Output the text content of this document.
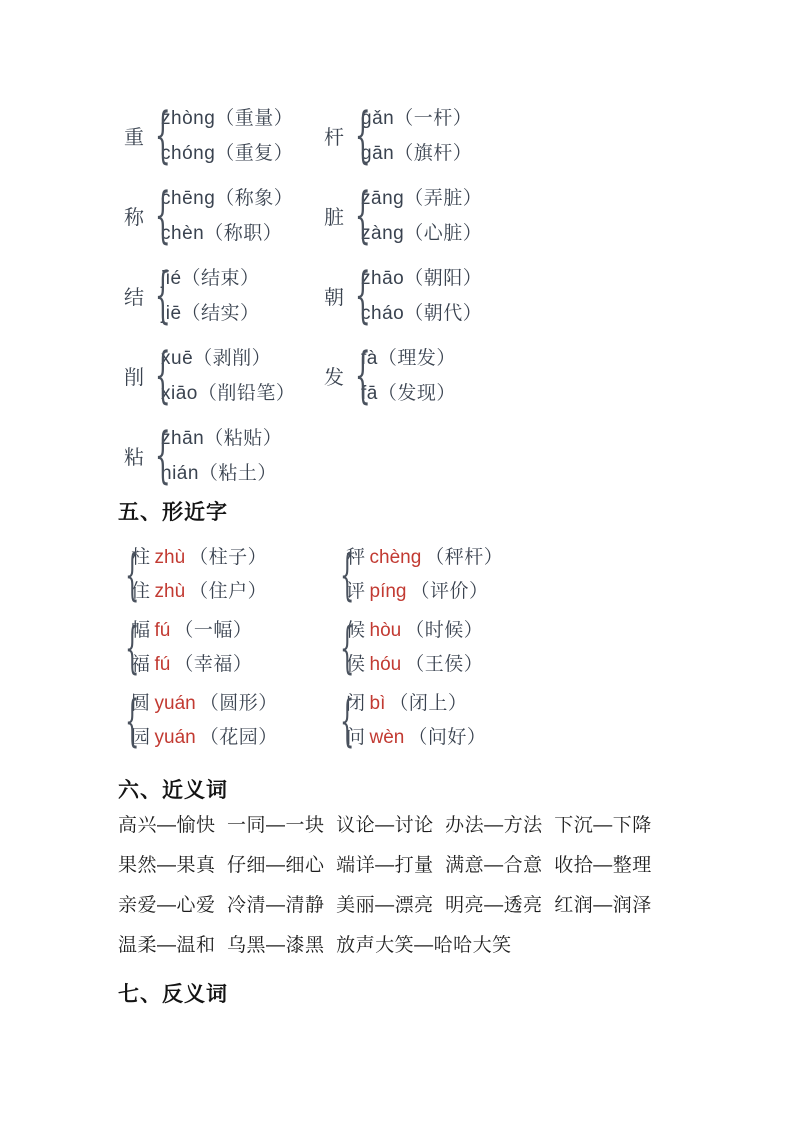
重
{
zhòng（重量）
chóng（重复）
杆
{
gǎn（一杆）
gān（旗杆）
称
{
chēng（称象）
chèn（称职）
脏
{
zāng（弄脏）
zàng（心脏）
结
{
jié（结束）
jiē（结实）
朝
{
zhāo（朝阳）
cháo（朝代）
削
{
xuē（剥削）
xiāo（削铅笔）
发
{
fà（理发）
fā（发现）
粘
{
zhān（粘贴）
nián（粘土）
五、形近字
{
柱 zhù （柱子）
住 zhù （住户）
{
秤 chèng （秤杆）
评 píng （评价）
{
幅 fú （一幅）
福 fú （幸福）
{
候 hòu （时候）
侯 hóu （王侯）
{
圆 yuán （圆形）
园 yuán （花园）
{
闭 bì （闭上）
问 wèn （问好）
六、近义词
高兴—愉快  一同—一块  议论—讨论  办法—方法  下沉—下降
果然—果真  仔细—细心  端详—打量  满意—合意  收拾—整理
亲爱—心爱  冷清—清静  美丽—漂亮  明亮—透亮  红润—润泽
温柔—温和  乌黑—漆黑  放声大笑—哈哈大笑
七、反义词
